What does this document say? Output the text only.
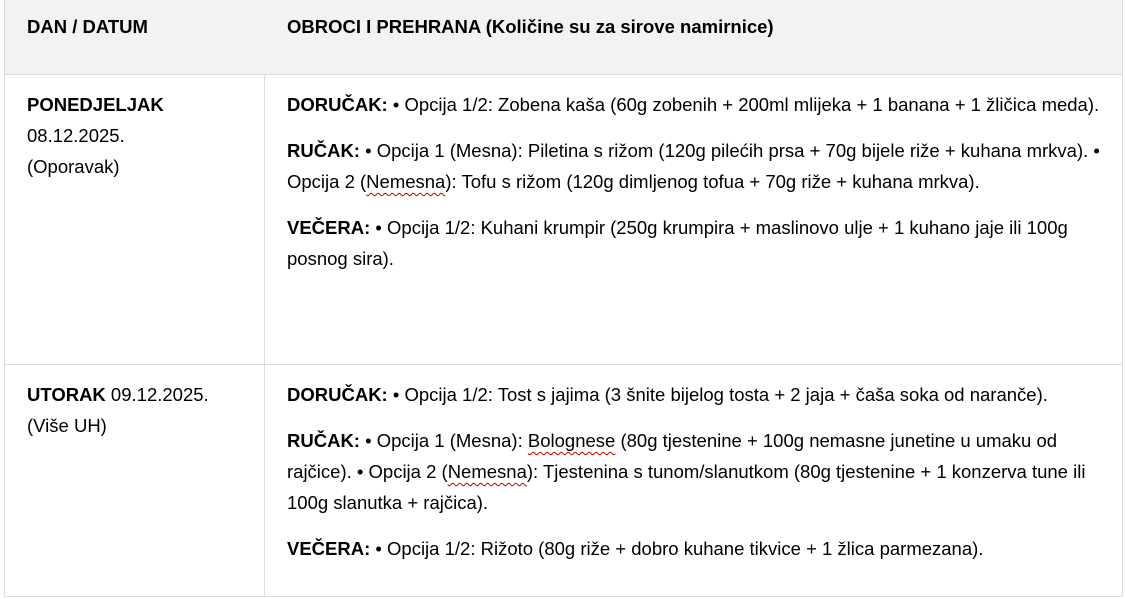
DAN / DATUM	OBROCI I PREHRANA (Količine su za sirove namirnice)
PONEDJELJAK 08.12.2025.
(Oporavak)

DORUČAK: • Opcija 1/2: Zobena kaša (60g zobenih + 200ml mlijeka + 1 banana + 1 žličica meda).

RUČAK: • Opcija 1 (Mesna): Piletina s rižom (120g pilećih prsa + 70g bijele riže + kuhana mrkva). • Opcija 2 (Nemesna): Tofu s rižom (120g dimljenog tofua + 70g riže + kuhana mrkva).

VEČERA: • Opcija 1/2: Kuhani krumpir (250g krumpira + maslinovo ulje + 1 kuhano jaje ili 100g posnog sira).

UTORAK 09.12.2025.
(Više UH)

DORUČAK: • Opcija 1/2: Tost s jajima (3 šnite bijelog tosta + 2 jaja + čaša soka od naranče).

RUČAK: • Opcija 1 (Mesna): Bolognese (80g tjestenine + 100g nemasne junetine u umaku od rajčice). • Opcija 2 (Nemesna): Tjestenina s tunom/slanutkom (80g tjestenine + 1 konzerva tune ili 100g slanutka + rajčica).

VEČERA: • Opcija 1/2: Rižoto (80g riže + dobro kuhane tikvice + 1 žlica parmezana).
